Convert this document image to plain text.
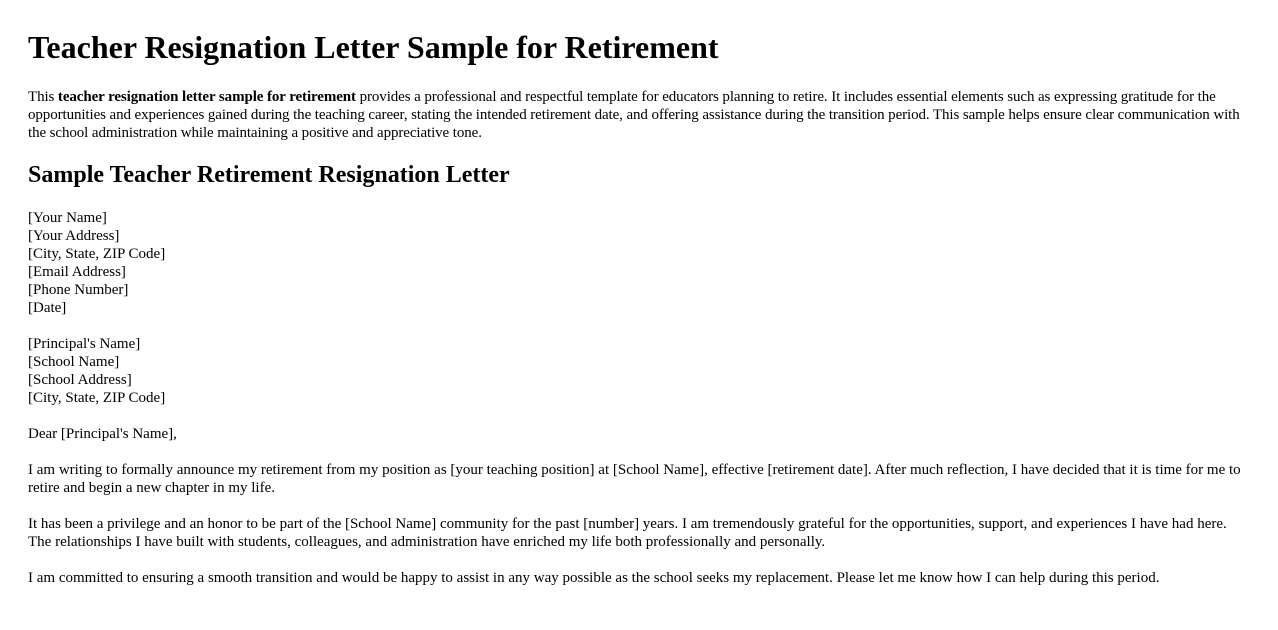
Teacher Resignation Letter Sample for Retirement

This teacher resignation letter sample for retirement provides a professional and respectful template for educators planning to retire. It includes essential elements such as expressing gratitude for the opportunities and experiences gained during the teaching career, stating the intended retirement date, and offering assistance during the transition period. This sample helps ensure clear communication with the school administration while maintaining a positive and appreciative tone.

Sample Teacher Retirement Resignation Letter
[Your Name]
[Your Address]
[City, State, ZIP Code]
[Email Address]
[Phone Number]
[Date]
[Principal's Name]
[School Name]
[School Address]
[City, State, ZIP Code]

Dear [Principal's Name],

I am writing to formally announce my retirement from my position as [your teaching position] at [School Name], effective [retirement date]. After much reflection, I have decided that it is time for me to retire and begin a new chapter in my life.

It has been a privilege and an honor to be part of the [School Name] community for the past [number] years. I am tremendously grateful for the opportunities, support, and experiences I have had here. The relationships I have built with students, colleagues, and administration have enriched my life both professionally and personally.

I am committed to ensuring a smooth transition and would be happy to assist in any way possible as the school seeks my replacement. Please let me know how I can help during this period.
